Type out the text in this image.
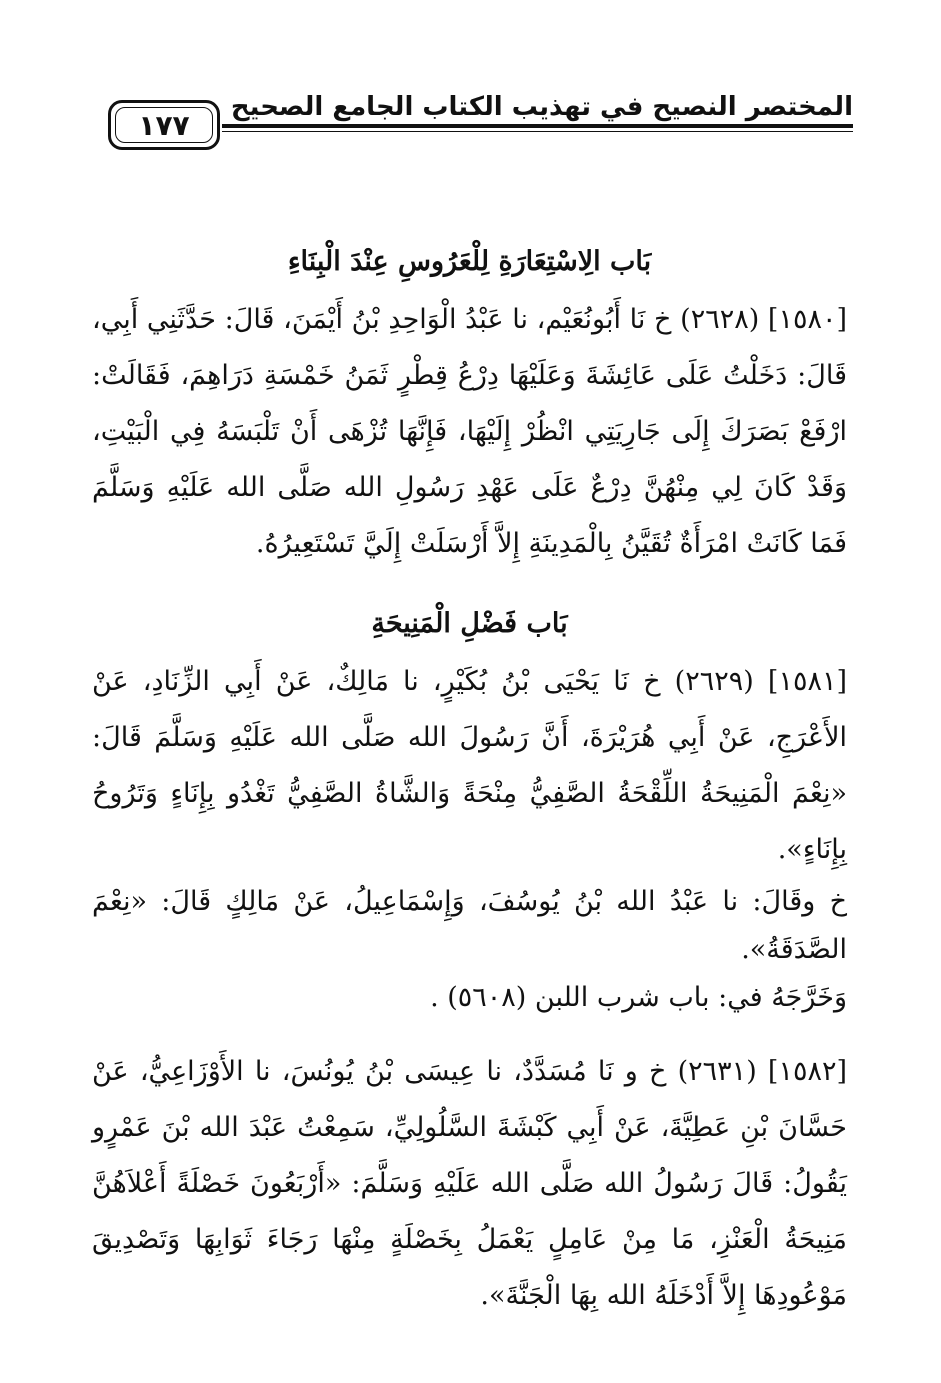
المختصر النصيح في تهذيب الكتاب الجامع الصحيح
١٧٧

بَاب الِاسْتِعَارَةِ لِلْعَرُوسِ عِنْدَ الْبِنَاءِ

[١٥٨٠] (٢٦٢٨) خ نَا أَبُونُعَيْم، نا عَبْدُ الْوَاحِدِ بْنُ أَيْمَنَ، قَالَ: حَدَّثَنِي أَبِي، قَالَ: دَخَلْتُ عَلَى عَائِشَةَ وَعَلَيْهَا دِرْعُ قِطْرٍ ثَمَنُ خَمْسَةِ دَرَاهِمَ، فَقَالَتْ: ارْفَعْ بَصَرَكَ إِلَى جَارِيَتِي انْظُرْ إِلَيْهَا، فَإِنَّهَا تُزْهَى أَنْ تَلْبَسَهُ فِي الْبَيْتِ، وَقَدْ كَانَ لِي مِنْهُنَّ دِرْعٌ عَلَى عَهْدِ رَسُولِ الله صَلَّى الله عَلَيْهِ وَسَلَّمَ فَمَا كَانَتْ امْرَأَةٌ تُقَيَّنُ بِالْمَدِينَةِ إِلاَّ أَرْسَلَتْ إِلَيَّ تَسْتَعِيرُهُ.

بَاب فَضْلِ الْمَنِيحَةِ

[١٥٨١] (٢٦٢٩) خ نَا يَحْيَى بْنُ بُكَيْرٍ، نا مَالِكٌ، عَنْ أَبِي الزِّنَادِ، عَنْ الأَعْرَجِ، عَنْ أَبِي هُرَيْرَةَ، أَنَّ رَسُولَ الله صَلَّى الله عَلَيْهِ وَسَلَّمَ قَالَ: «نِعْمَ الْمَنِيحَةُ اللِّقْحَةُ الصَّفِيُّ مِنْحَةً وَالشَّاةُ الصَّفِيُّ تَغْدُو بِإِنَاءٍ وَتَرُوحُ بِإِنَاءٍ».

خ وقَالَ: نا عَبْدُ الله بْنُ يُوسُفَ، وَإِسْمَاعِيلُ، عَنْ مَالِكٍ قَالَ: «نِعْمَ الصَّدَقَةُ».

وَخَرَّجَهُ في: باب شرب اللبن (٥٦٠٨) .

[١٥٨٢] (٢٦٣١) خ و نَا مُسَدَّدٌ، نا عِيسَى بْنُ يُونُسَ، نا الأَوْزَاعِيُّ، عَنْ حَسَّانَ بْنِ عَطِيَّةَ، عَنْ أَبِي كَبْشَةَ السَّلُولِيِّ، سَمِعْتُ عَبْدَ الله بْنَ عَمْرٍو يَقُولُ: قَالَ رَسُولُ الله صَلَّى الله عَلَيْهِ وَسَلَّمَ: «أَرْبَعُونَ خَصْلَةً أَعْلاَهُنَّ مَنِيحَةُ الْعَنْزِ، مَا مِنْ عَامِلٍ يَعْمَلُ بِخَصْلَةٍ مِنْهَا رَجَاءَ ثَوَابِهَا وَتَصْدِيقَ مَوْعُودِهَا إِلاَّ أَدْخَلَهُ الله بِهَا الْجَنَّةَ».
